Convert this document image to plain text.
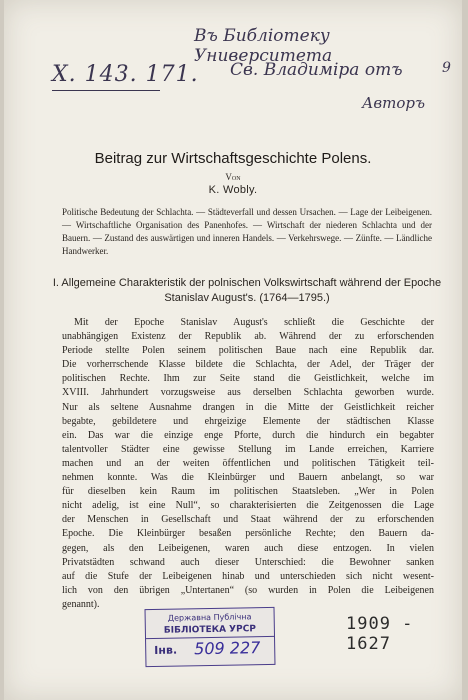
X. 143. 171.
Въ Библіотеку Университета
Св. Владиміра отъ	9
Авторъ
Beitrag zur Wirtschaftsgeschichte Polens.
Von
K. Wobly.
Politische Bedeutung der Schlachta. — Städteverfall und dessen Ursachen. — Lage der Leibeigenen. — Wirtschaftliche Organisation des Panenhofes. — Wirtschaft der niederen Schlachta und der Bauern. — Zustand des auswärtigen und inneren Handels. — Verkehrswege. — Zünfte. — Ländliche Handwerker.
I. Allgemeine Charakteristik der polnischen Volkswirtschaft während der Epoche Stanislav August's. (1764—1795.)
Mit der Epoche Stanislav August's schließt die Geschichte der
unabhängigen Existenz der Republik ab. Während der zu erforschenden
Periode stellte Polen seinem politischen Baue nach eine Republik dar.
Die vorherrschende Klasse bildete die Schlachta, der Adel, der Träger der
politischen Rechte. Ihm zur Seite stand die Geistlichkeit, welche im
XVIII. Jahrhundert vorzugsweise aus derselben Schlachta geworben wurde.
Nur als seltene Ausnahme drangen in die Mitte der Geistlichkeit reicher
begabte, gebildetere und ehrgeizige Elemente der städtischen Klasse
ein. Das war die einzige enge Pforte, durch die hindurch ein begabter
talentvoller Städter eine gewisse Stellung im Lande erreichen, Karriere
machen und an der weiten öffentlichen und politischen Tätigkeit teil-
nehmen konnte. Was die Kleinbürger und Bauern anbelangt, so war
für dieselben kein Raum im politischen Staatsleben. „Wer in Polen
nicht adelig, ist eine Null“, so charakterisierten die Zeitgenossen die Lage
der Menschen in Gesellschaft und Staat während der zu erforschenden
Epoche. Die Kleinbürger besaßen persönliche Rechte; den Bauern da-
gegen, als den Leibeigenen, waren auch diese entzogen. In vielen
Privatstädten schwand auch dieser Unterschied: die Bewohner sanken
auf die Stufe der Leibeigenen hinab und unterschieden sich nicht wesent-
lich von den übrigen „Untertanen“ (so wurden in Polen die Leibeigenen
genannt).
Державна Публічна
БІБЛІОТЕКА УРСР
Інв. 509 227
1909 - 1627
